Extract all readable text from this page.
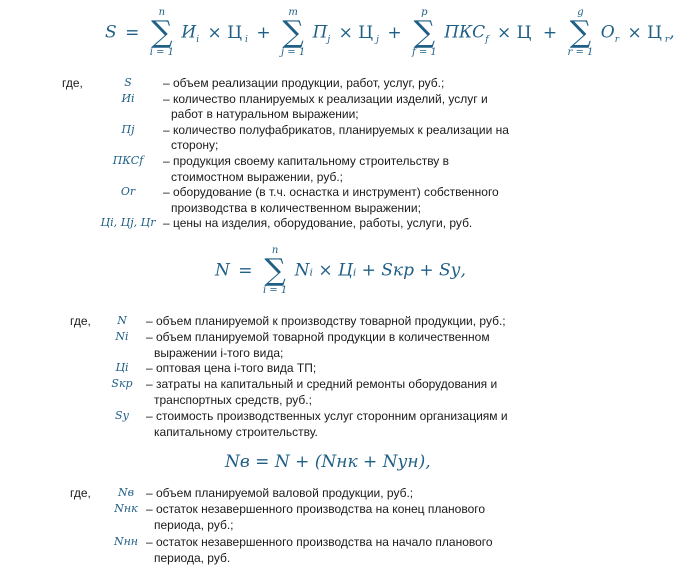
S =
n
∑
i = 1
$И_i \times Ц$ $_i$ +
m
∑
j = 1
$П_j \times Ц$ $_j$ +
p
∑
f = 1
$ПКС_f \times Ц$ +
g
∑
r = 1
$О_r \times Ц$ $_r$,
где,	S	– объем реализации продукции, работ, услуг, руб.;
Иi	– количество планируемых к реализации изделий, услуг и
работ в натуральном выражении;
Пj	– количество полуфабрикатов, планируемых к реализации на
сторону;
ПКСf	– продукция своему капитальному строительству в
стоимостном выражении, руб.;
Оr	– оборудование (в т.ч. оснастка и инструмент) собственного
производства в количественном выражении;
Цi, Цj, Цr – цены на изделия, оборудование, работы, услуги, руб.
N =
n
∑
i = 1
Nᵢ × Цᵢ + Sкр + Sу,
где,	N	– объем планируемой к производству товарной продукции, руб.;
Ni	– объем планируемой товарной продукции в количественном
выражении i-того вида;
Цi	– оптовая цена i-того вида ТП;
Sкр	– затраты на капитальный и средний ремонты оборудования и
транспортных средств, руб.;
Sу	– стоимость производственных услуг сторонним организациям и
капитальному строительству.
Nв = N + (Nнк + Nун),
где,	Nв – объем планируемой валовой продукции, руб.;
Nнк – остаток незавершенного производства на конец планового
периода, руб.;
Nнн – остаток незавершенного производства на начало планового
периода, руб.
